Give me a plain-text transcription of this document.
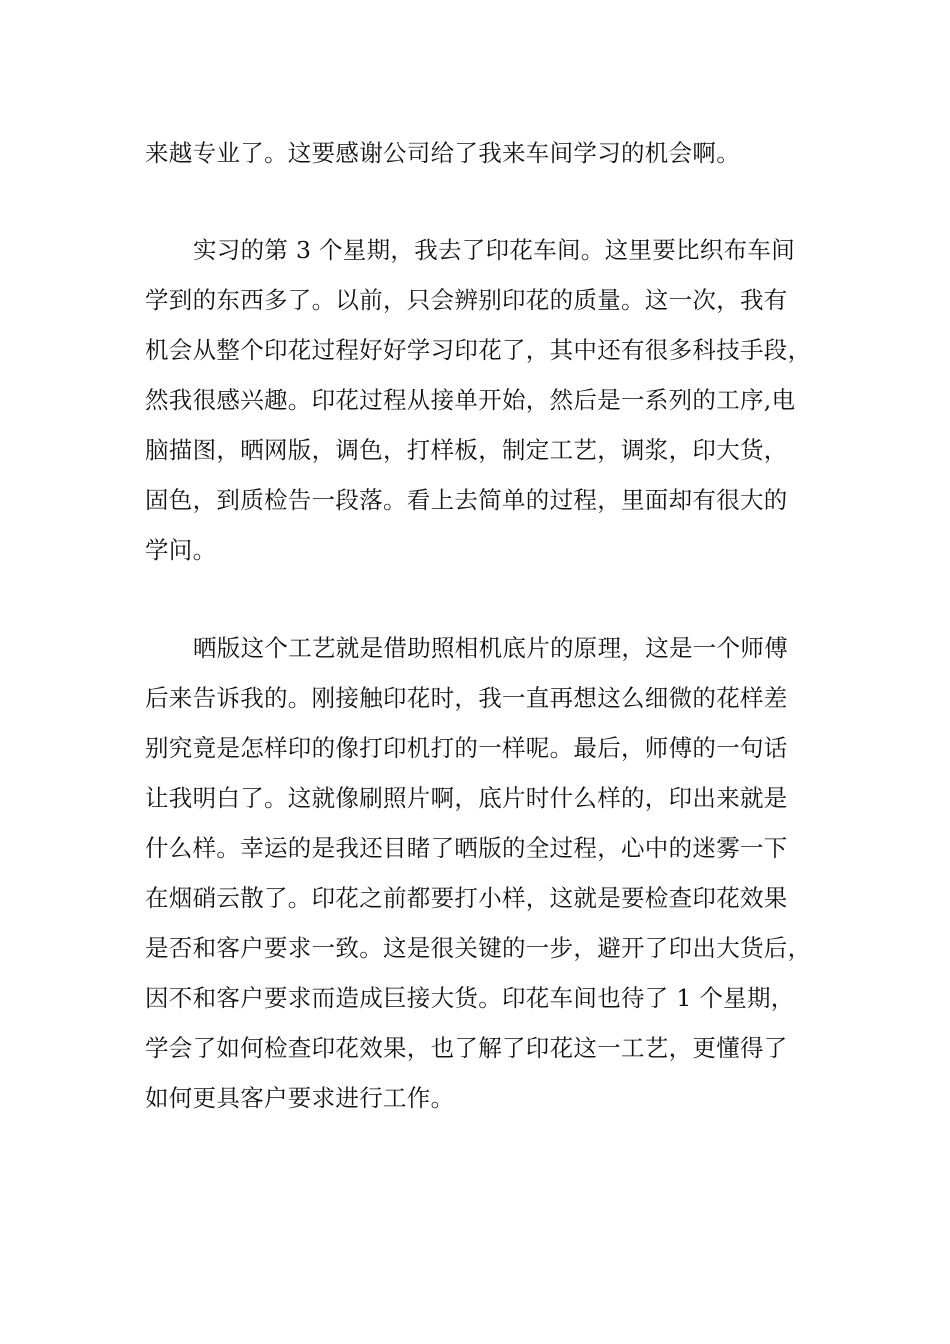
来越专业了。这要感谢公司给了我来车间学习的机会啊。
实习的第 3 个星期，我去了印花车间。这里要比织布车间
学到的东西多了。以前，只会辨别印花的质量。这一次，我有
机会从整个印花过程好好学习印花了，其中还有很多科技手段，
然我很感兴趣。印花过程从接单开始，然后是一系列的工序,电
脑描图，晒网版，调色，打样板，制定工艺，调浆，印大货，
固色，到质检告一段落。看上去简单的过程，里面却有很大的
学问。
晒版这个工艺就是借助照相机底片的原理，这是一个师傅
后来告诉我的。刚接触印花时，我一直再想这么细微的花样差
别究竟是怎样印的像打印机打的一样呢。最后，师傅的一句话
让我明白了。这就像刷照片啊，底片时什么样的，印出来就是
什么样。幸运的是我还目睹了晒版的全过程，心中的迷雾一下
在烟硝云散了。印花之前都要打小样，这就是要检查印花效果
是否和客户要求一致。这是很关键的一步，避开了印出大货后，
因不和客户要求而造成巨接大货。印花车间也待了 1 个星期，
学会了如何检查印花效果，也了解了印花这一工艺，更懂得了
如何更具客户要求进行工作。
